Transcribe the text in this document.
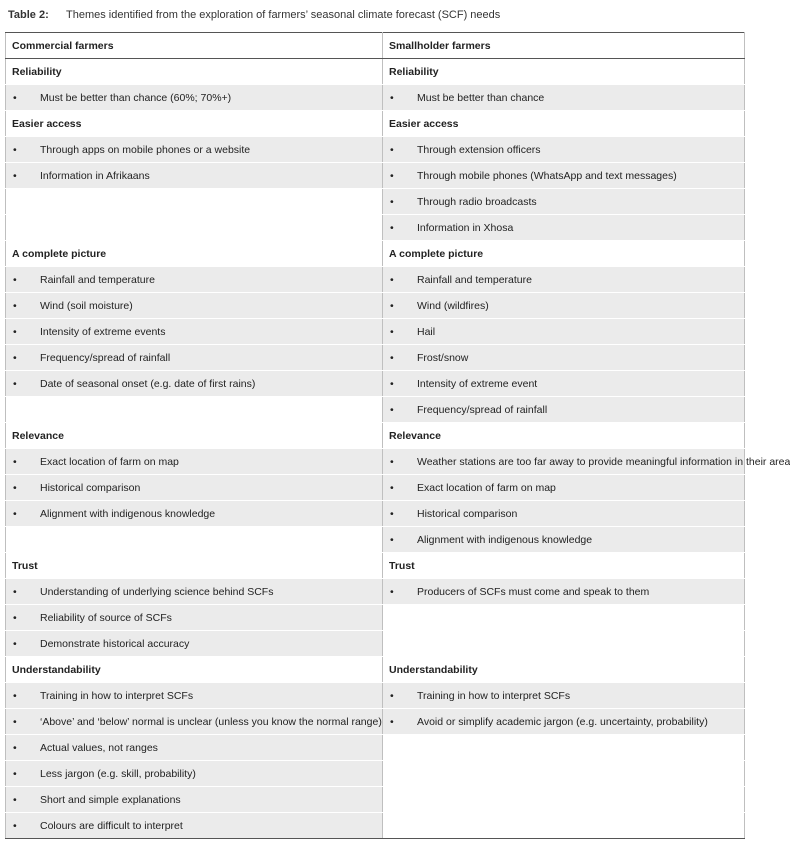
Table 2: Themes identified from the exploration of farmers’ seasonal climate forecast (SCF) needs
Commercial farmers	Smallholder farmers
Reliability	Reliability
• Must be better than chance (60%; 70%+)	• Must be better than chance
Easier access	Easier access
• Through apps on mobile phones or a website	• Through extension officers
• Information in Afrikaans	• Through mobile phones (WhatsApp and text messages)
	• Through radio broadcasts
	• Information in Xhosa
A complete picture	A complete picture
• Rainfall and temperature	• Rainfall and temperature
• Wind (soil moisture)	• Wind (wildfires)
• Intensity of extreme events	• Hail
• Frequency/spread of rainfall	• Frost/snow
• Date of seasonal onset (e.g. date of first rains)	• Intensity of extreme event
	• Frequency/spread of rainfall
Relevance	Relevance
• Exact location of farm on map	• Weather stations are too far away to provide meaningful information in their area
• Historical comparison	• Exact location of farm on map
• Alignment with indigenous knowledge	• Historical comparison
	• Alignment with indigenous knowledge
Trust	Trust
• Understanding of underlying science behind SCFs	• Producers of SCFs must come and speak to them
• Reliability of source of SCFs	
• Demonstrate historical accuracy	
Understandability	Understandability
• Training in how to interpret SCFs	• Training in how to interpret SCFs
• ‘Above’ and ‘below’ normal is unclear (unless you know the normal range)	• Avoid or simplify academic jargon (e.g. uncertainty, probability)
• Actual values, not ranges	
• Less jargon (e.g. skill, probability)	
• Short and simple explanations	
• Colours are difficult to interpret	
